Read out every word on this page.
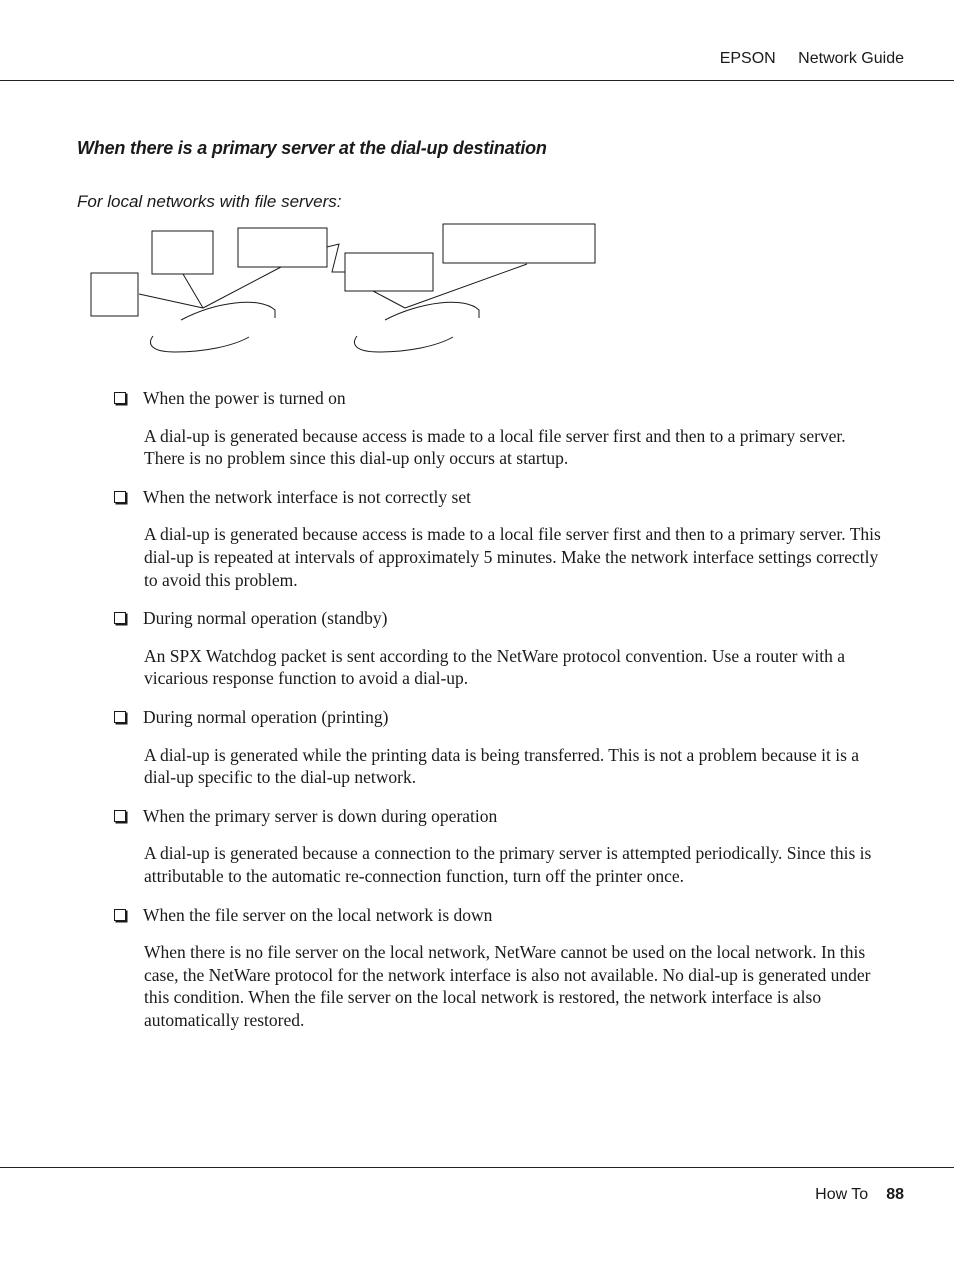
EPSON Network Guide
When there is a primary server at the dial-up destination

For local networks with file servers:

When the power is turned on

A dial-up is generated because access is made to a local file server first and then to a primary server. There is no problem since this dial-up only occurs at startup.

When the network interface is not correctly set

A dial-up is generated because access is made to a local file server first and then to a primary server. This dial-up is repeated at intervals of approximately 5 minutes. Make the network interface settings correctly to avoid this problem.

During normal operation (standby)

An SPX Watchdog packet is sent according to the NetWare protocol convention. Use a router with a vicarious response function to avoid a dial-up.

During normal operation (printing)

A dial-up is generated while the printing data is being transferred. This is not a problem because it is a dial-up specific to the dial-up network.

When the primary server is down during operation

A dial-up is generated because a connection to the primary server is attempted periodically. Since this is attributable to the automatic re-connection function, turn off the printer once.

When the file server on the local network is down

When there is no file server on the local network, NetWare cannot be used on the local network. In this case, the NetWare protocol for the network interface is also not available. No dial-up is generated under this condition. When the file server on the local network is restored, the network interface is also automatically restored.

How To 88
